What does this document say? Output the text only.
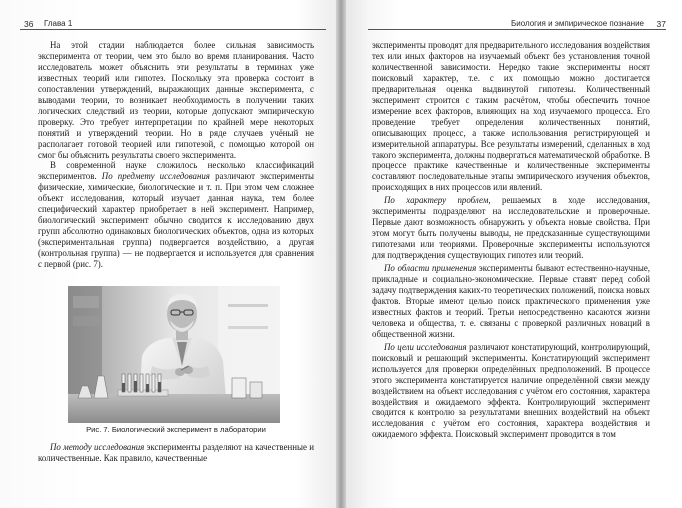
36 Глава 1

На этой стадии наблюдается более сильная зависимость эксперимента от теории, чем это было во время планирования. Часто исследователь может объяснить эти результаты в терминах уже известных теорий или гипотез. Поскольку эта проверка состоит в сопоставлении утверждений, выражающих данные эксперимента, с выводами теории, то возникает необходимость в получении таких логических следствий из теории, которые допускают эмпирическую проверку. Это требует интерпретации по крайней мере некоторых понятий и утверждений теории. Но в ряде случаев учёный не располагает готовой теорией или гипотезой, с помощью которой он смог бы объяснить результаты своего эксперимента.

В современной науке сложилось несколько классификаций экспериментов. По предмету исследования различают эксперименты физические, химические, биологические и т. п. При этом чем сложнее объект исследования, который изучает данная наука, тем более специфический характер приобретает в ней эксперимент. Например, биологический эксперимент обычно сводится к исследованию двух групп абсолютно одинаковых биологических объектов, одна из которых (экспериментальная группа) подвергается воздействию, а другая (контрольная группа) — не подвергается и используется для сравнения с первой (рис. 7).

Рис. 7. Биологический эксперимент в лаборатории

По методу исследования эксперименты разделяют на качественные и количественные. Как правило, качественные

Биология и эмпирическое познание 37

эксперименты проводят для предварительного исследования воздействия тех или иных факторов на изучаемый объект без установления точной количественной зависимости. Нередко такие эксперименты носят поисковый характер, т.е. с их помощью можно достигается предварительная оценка выдвинутой гипотезы. Количественный эксперимент строится с таким расчётом, чтобы обеспечить точное измерение всех факторов, влияющих на ход изучаемого процесса. Его проведение требует определения количественных понятий, описывающих процесс, а также использования регистрирующей и измерительной аппаратуры. Все результаты измерений, сделанных в ход такого эксперимента, должны подвергаться математической обработке. В процессе практике качественные и количественные эксперименты составляют последовательные этапы эмпирического изучения объектов, происходящих в них процессов или явлений.

По характеру проблем, решаемых в ходе исследования, эксперименты подразделяют на исследовательские и проверочные. Первые дают возможность обнаружить у объекта новые свойства. При этом могут быть получены выводы, не предсказанные существующими гипотезами или теориями. Проверочные эксперименты используются для подтверждения существующих гипотез или теорий.

По области применения эксперименты бывают естественно-научные, прикладные и социально-экономические. Первые ставят перед собой задачу подтверждения каких-то теоретических положений, поиска новых фактов. Вторые имеют целью поиск практического применения уже известных фактов и теорий. Третьи непосредственно касаются жизни человека и общества, т. е. связаны с проверкой различных новаций в общественной жизни.

По цели исследования различают констатирующий, контролирующий, поисковый и решающий эксперименты. Констатирующий эксперимент используется для проверки определённых предположений. В процессе этого эксперимента констатируется наличие определённой связи между воздействием на объект исследования с учётом его состояния, характера воздействия и ожидаемого эффекта. Контролирующий эксперимент сводится к контролю за результатами внешних воздействий на объект исследования с учётом его состояния, характера воздействия и ожидаемого эффекта. Поисковый эксперимент проводится в том
